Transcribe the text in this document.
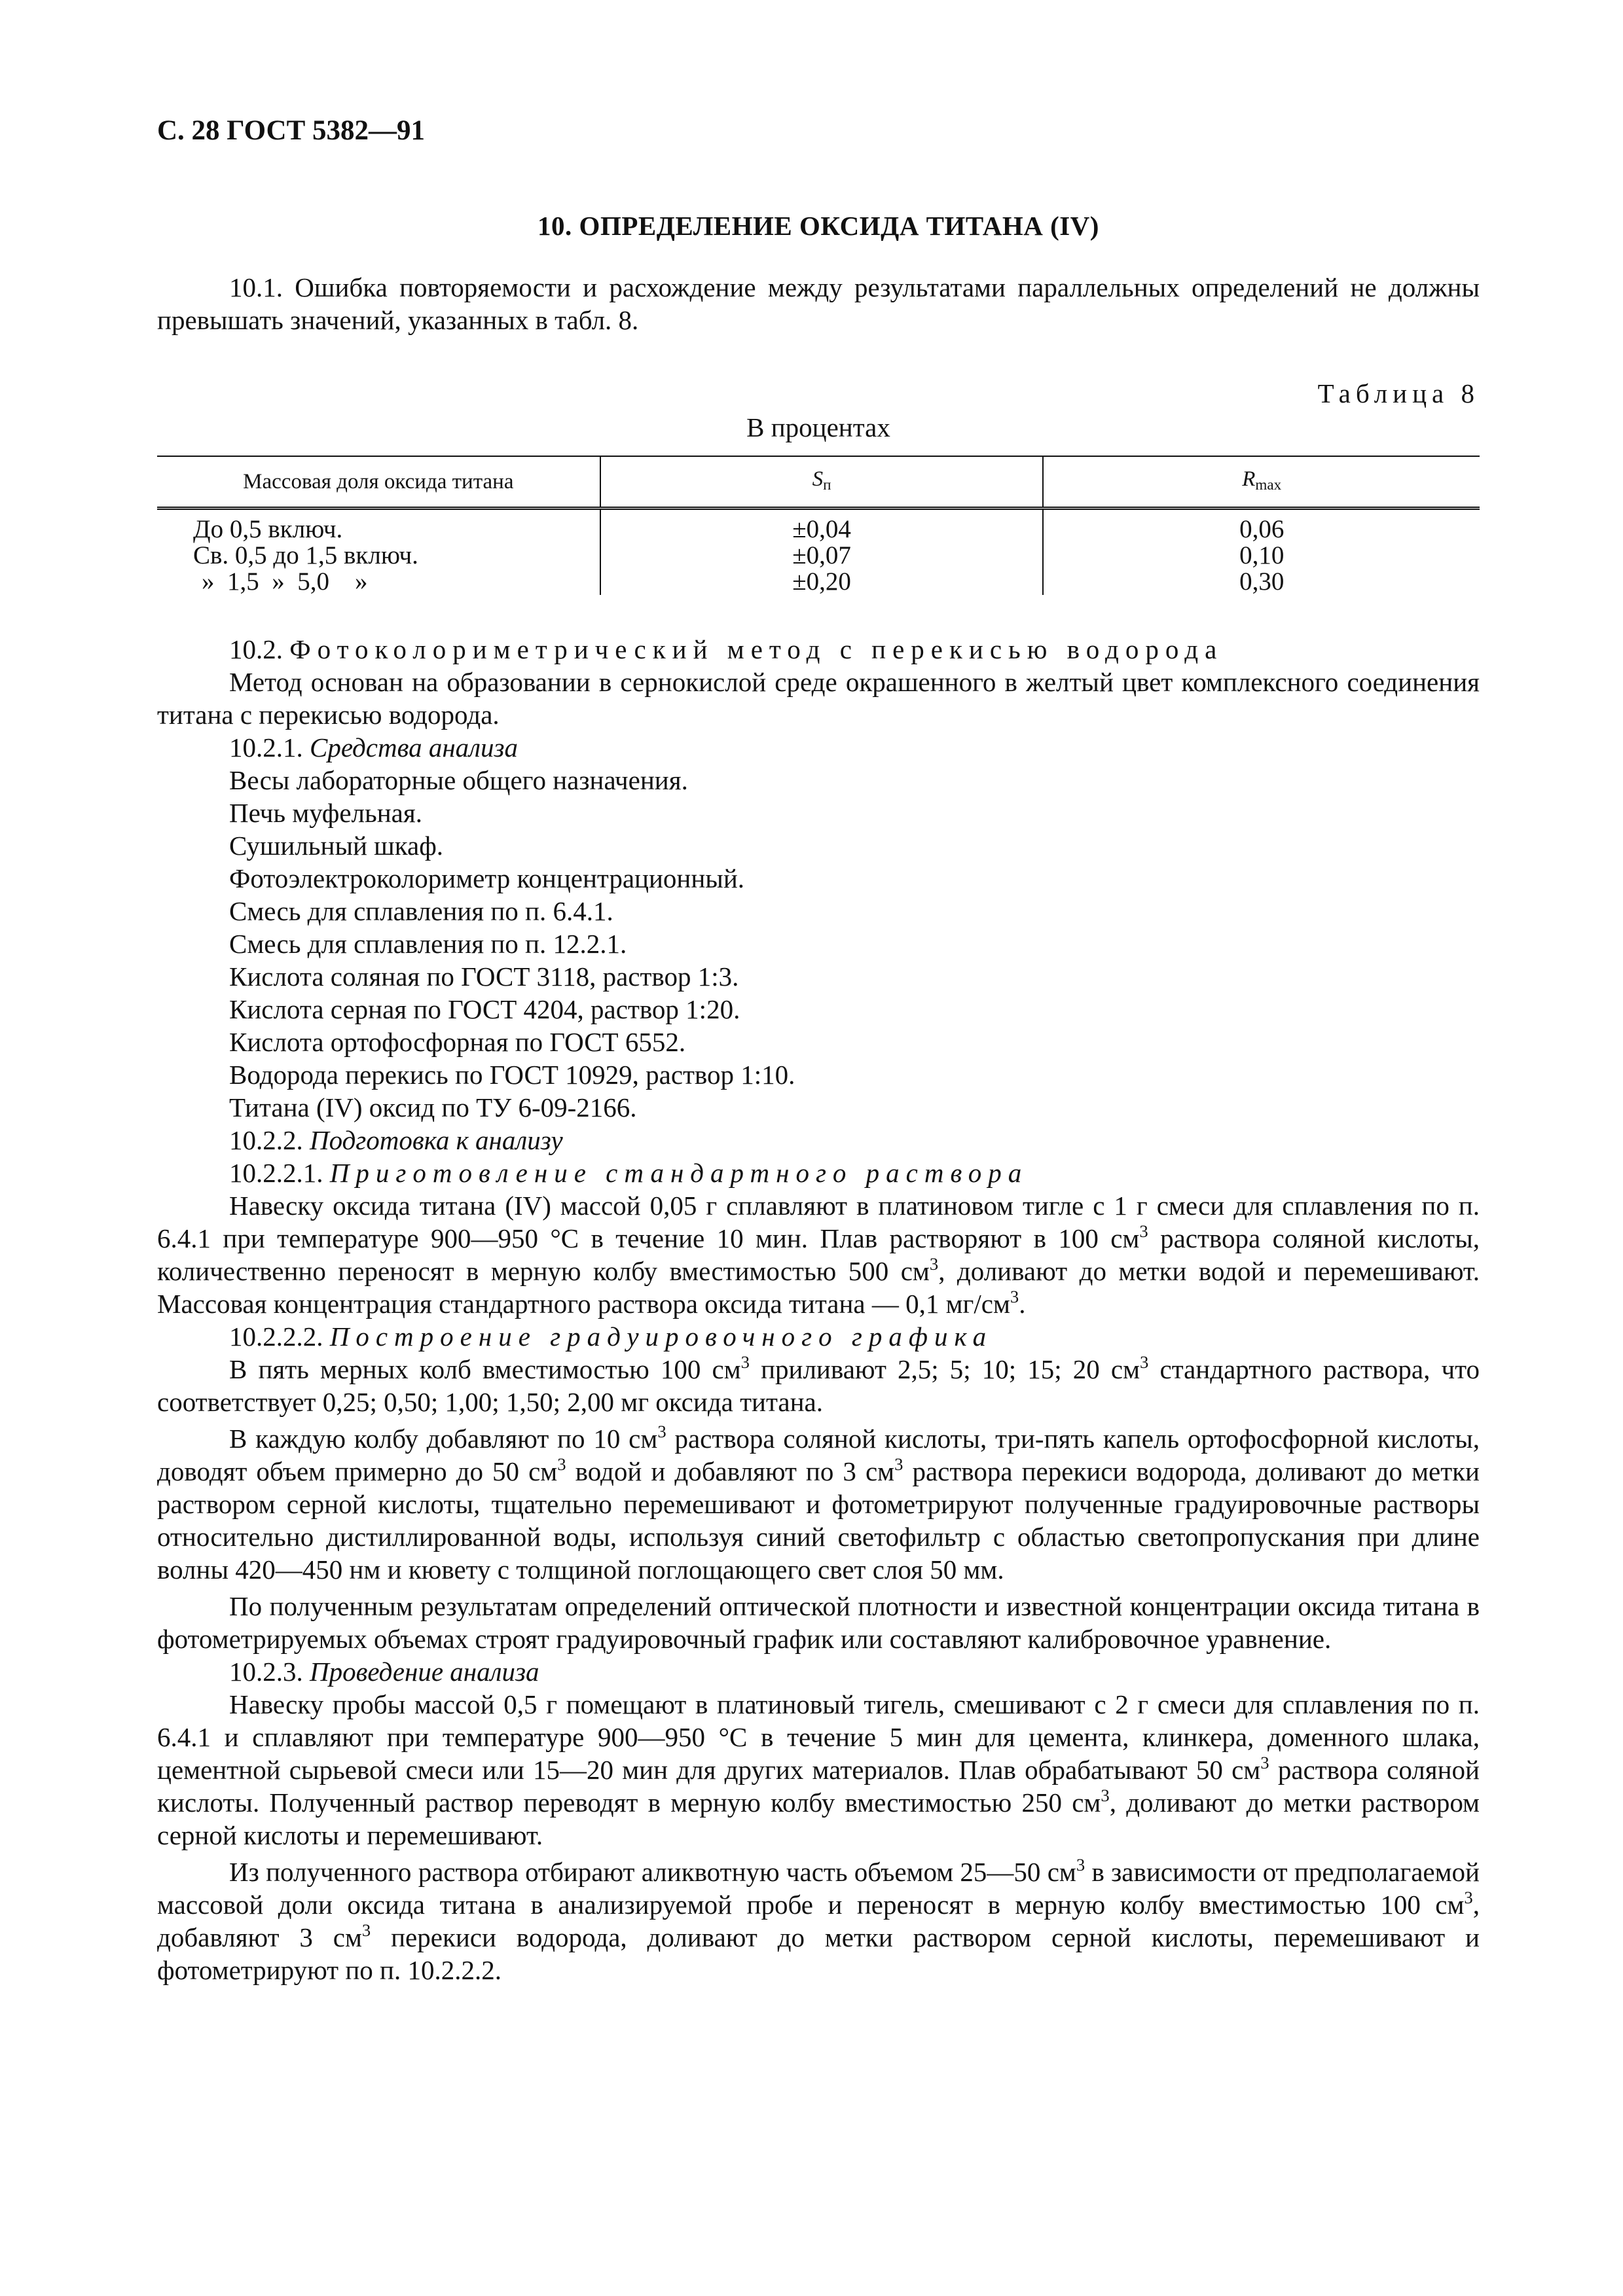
С. 28 ГОСТ 5382—91
10. ОПРЕДЕЛЕНИЕ ОКСИДА ТИТАНА (IV)

10.1. Ошибка повторяемости и расхождение между результатами параллельных определений не должны превышать значений, указанных в табл. 8.

Таблица 8
В процентах
Массовая доля оксида титана	$S_п$	$R_{max}$
До 0,5 включ.	±0,04	0,06
Св. 0,5 до 1,5 включ.	±0,07	0,10
»  1,5  »  5,0    »	±0,20	0,30

10.2. Фотоколориметрический метод с перекисью водорода

Метод основан на образовании в сернокислой среде окрашенного в желтый цвет комплексного соединения титана с перекисью водорода.

10.2.1. Средства анализа

Весы лабораторные общего назначения.

Печь муфельная.

Сушильный шкаф.

Фотоэлектроколориметр концентрационный.

Смесь для сплавления по п. 6.4.1.

Смесь для сплавления по п. 12.2.1.

Кислота соляная по ГОСТ 3118, раствор 1:3.

Кислота серная по ГОСТ 4204, раствор 1:20.

Кислота ортофосфорная по ГОСТ 6552.

Водорода перекись по ГОСТ 10929, раствор 1:10.

Титана (IV) оксид по ТУ 6-09-2166.

10.2.2. Подготовка к анализу

10.2.2.1. Приготовление стандартного раствора

Навеску оксида титана (IV) массой 0,05 г сплавляют в платиновом тигле с 1 г смеси для сплавления по п. 6.4.1 при температуре 900—950 °С в течение 10 мин. Плав растворяют в 100 $см^3$ раствора соляной кислоты, количественно переносят в мерную колбу вместимостью 500 $см^3$, доливают до метки водой и перемешивают. Массовая концентрация стандартного раствора оксида титана — 0,1 $мг/см^3$.

10.2.2.2. Построение градуировочного графика

В пять мерных колб вместимостью 100 $см^3$ приливают 2,5; 5; 10; 15; 20 $см^3$ стандартного раствора, что соответствует 0,25; 0,50; 1,00; 1,50; 2,00 мг оксида титана.

В каждую колбу добавляют по 10 $см^3$ раствора соляной кислоты, три-пять капель ортофосфорной кислоты, доводят объем примерно до 50 $см^3$ водой и добавляют по 3 $см^3$ раствора перекиси водорода, доливают до метки раствором серной кислоты, тщательно перемешивают и фотометрируют полученные градуировочные растворы относительно дистиллированной воды, используя синий светофильтр с областью светопропускания при длине волны 420—450 нм и кювету с толщиной поглощающего свет слоя 50 мм.

По полученным результатам определений оптической плотности и известной концентрации оксида титана в фотометрируемых объемах строят градуировочный график или составляют калибровочное уравнение.

10.2.3. Проведение анализа

Навеску пробы массой 0,5 г помещают в платиновый тигель, смешивают с 2 г смеси для сплавления по п. 6.4.1 и сплавляют при температуре 900—950 °С в течение 5 мин для цемента, клинкера, доменного шлака, цементной сырьевой смеси или 15—20 мин для других материалов. Плав обрабатывают 50 $см^3$ раствора соляной кислоты. Полученный раствор переводят в мерную колбу вместимостью 250 $см^3$, доливают до метки раствором серной кислоты и перемешивают.

Из полученного раствора отбирают аликвотную часть объемом 25—50 $см^3$ в зависимости от предполагаемой массовой доли оксида титана в анализируемой пробе и переносят в мерную колбу вместимостью 100 $см^3$, добавляют 3 $см^3$ перекиси водорода, доливают до метки раствором серной кислоты, перемешивают и фотометрируют по п. 10.2.2.2.
